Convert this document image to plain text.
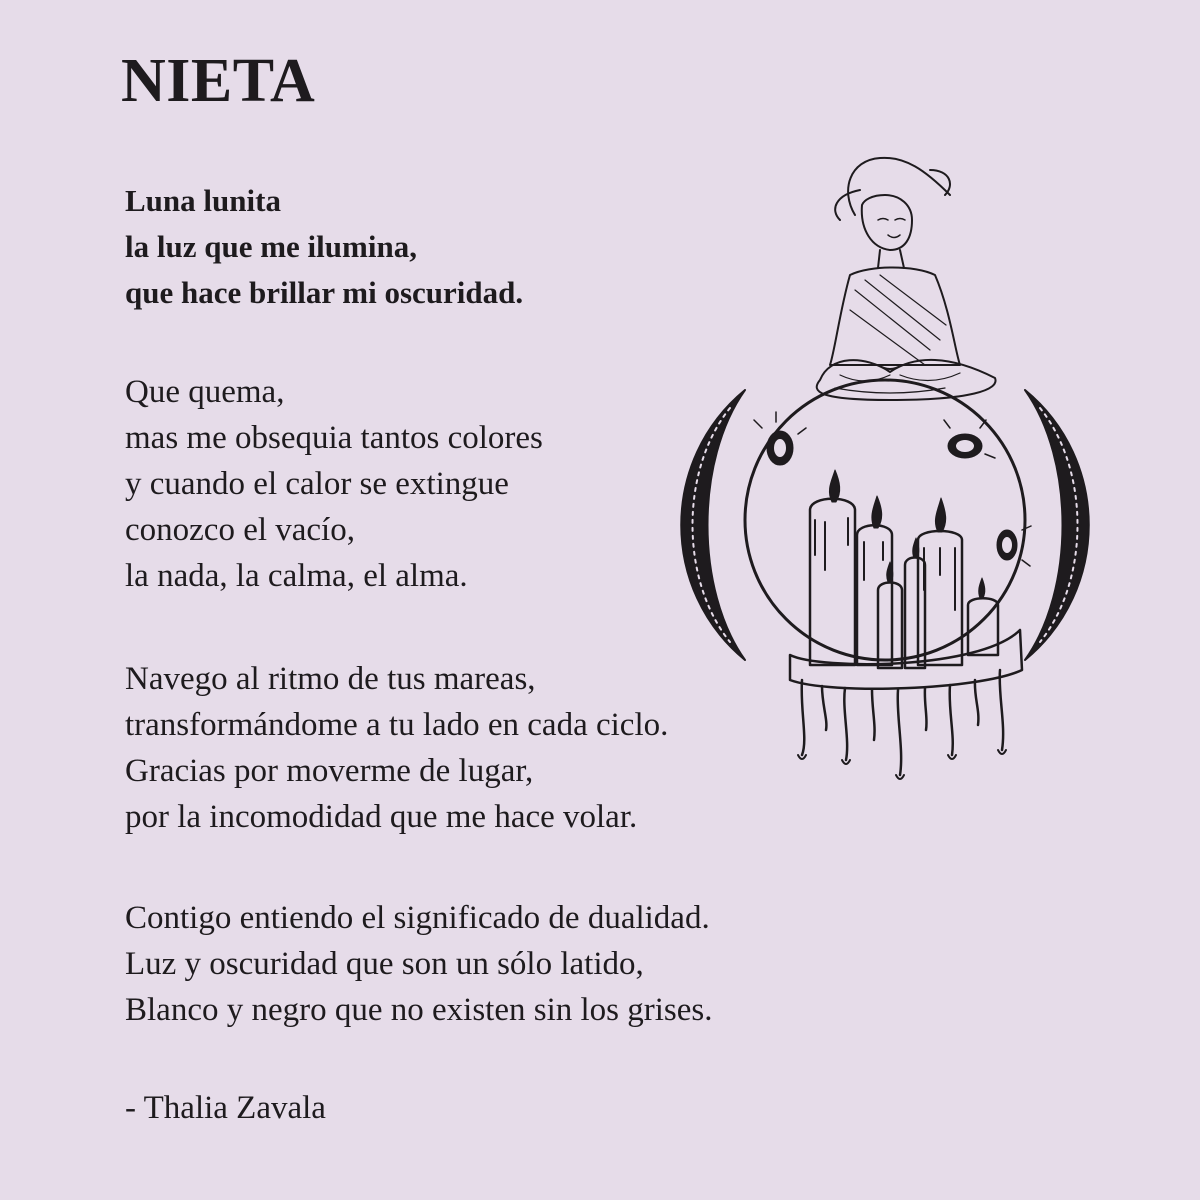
NIETA

Luna lunita
la luz que me ilumina,
que hace brillar mi oscuridad.

Que quema,
mas me obsequia tantos colores
y cuando el calor se extingue
conozco el vacío,
la nada, la calma, el alma.

Navego al ritmo de tus mareas,
transformándome a tu lado en cada ciclo.
Gracias por moverme de lugar,
por la incomodidad que me hace volar.

Contigo entiendo el significado de dualidad.
Luz y oscuridad que son un sólo latido,
Blanco y negro que no existen sin los grises.

- Thalia Zavala
